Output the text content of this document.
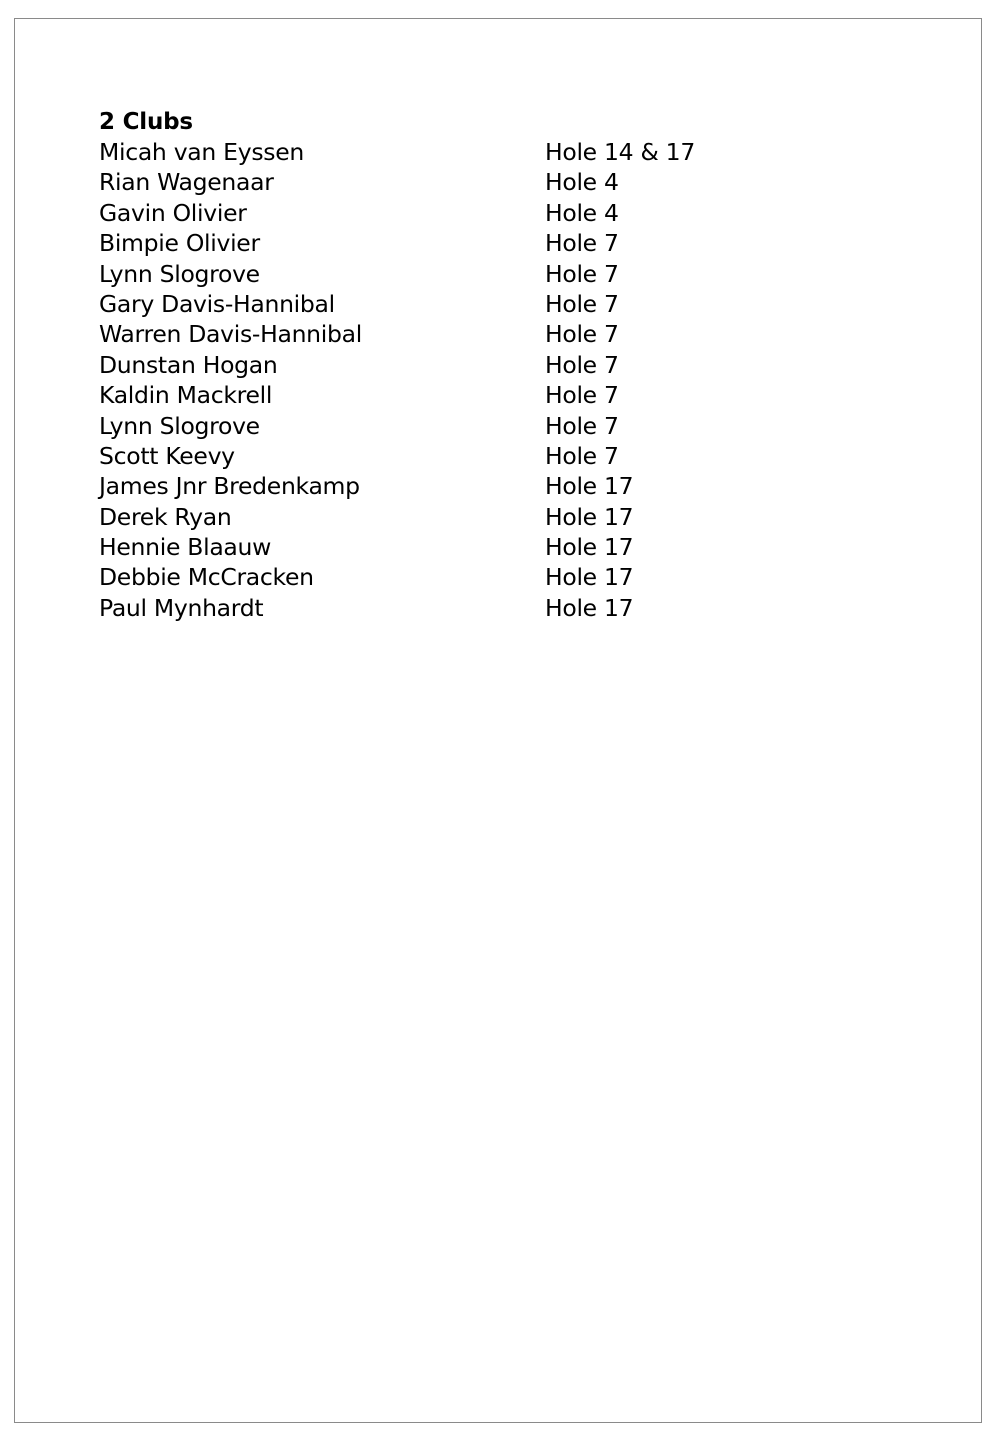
2 Clubs
Micah van Eyssen	Hole 14 & 17
Rian Wagenaar	Hole 4
Gavin Olivier	Hole 4
Bimpie Olivier	Hole 7
Lynn Slogrove	Hole 7
Gary Davis-Hannibal	Hole 7
Warren Davis-Hannibal	Hole 7
Dunstan Hogan	Hole 7
Kaldin Mackrell	Hole 7
Lynn Slogrove	Hole 7
Scott Keevy	Hole 7
James Jnr Bredenkamp	Hole 17
Derek Ryan	Hole 17
Hennie Blaauw	Hole 17
Debbie McCracken	Hole 17
Paul Mynhardt	Hole 17
